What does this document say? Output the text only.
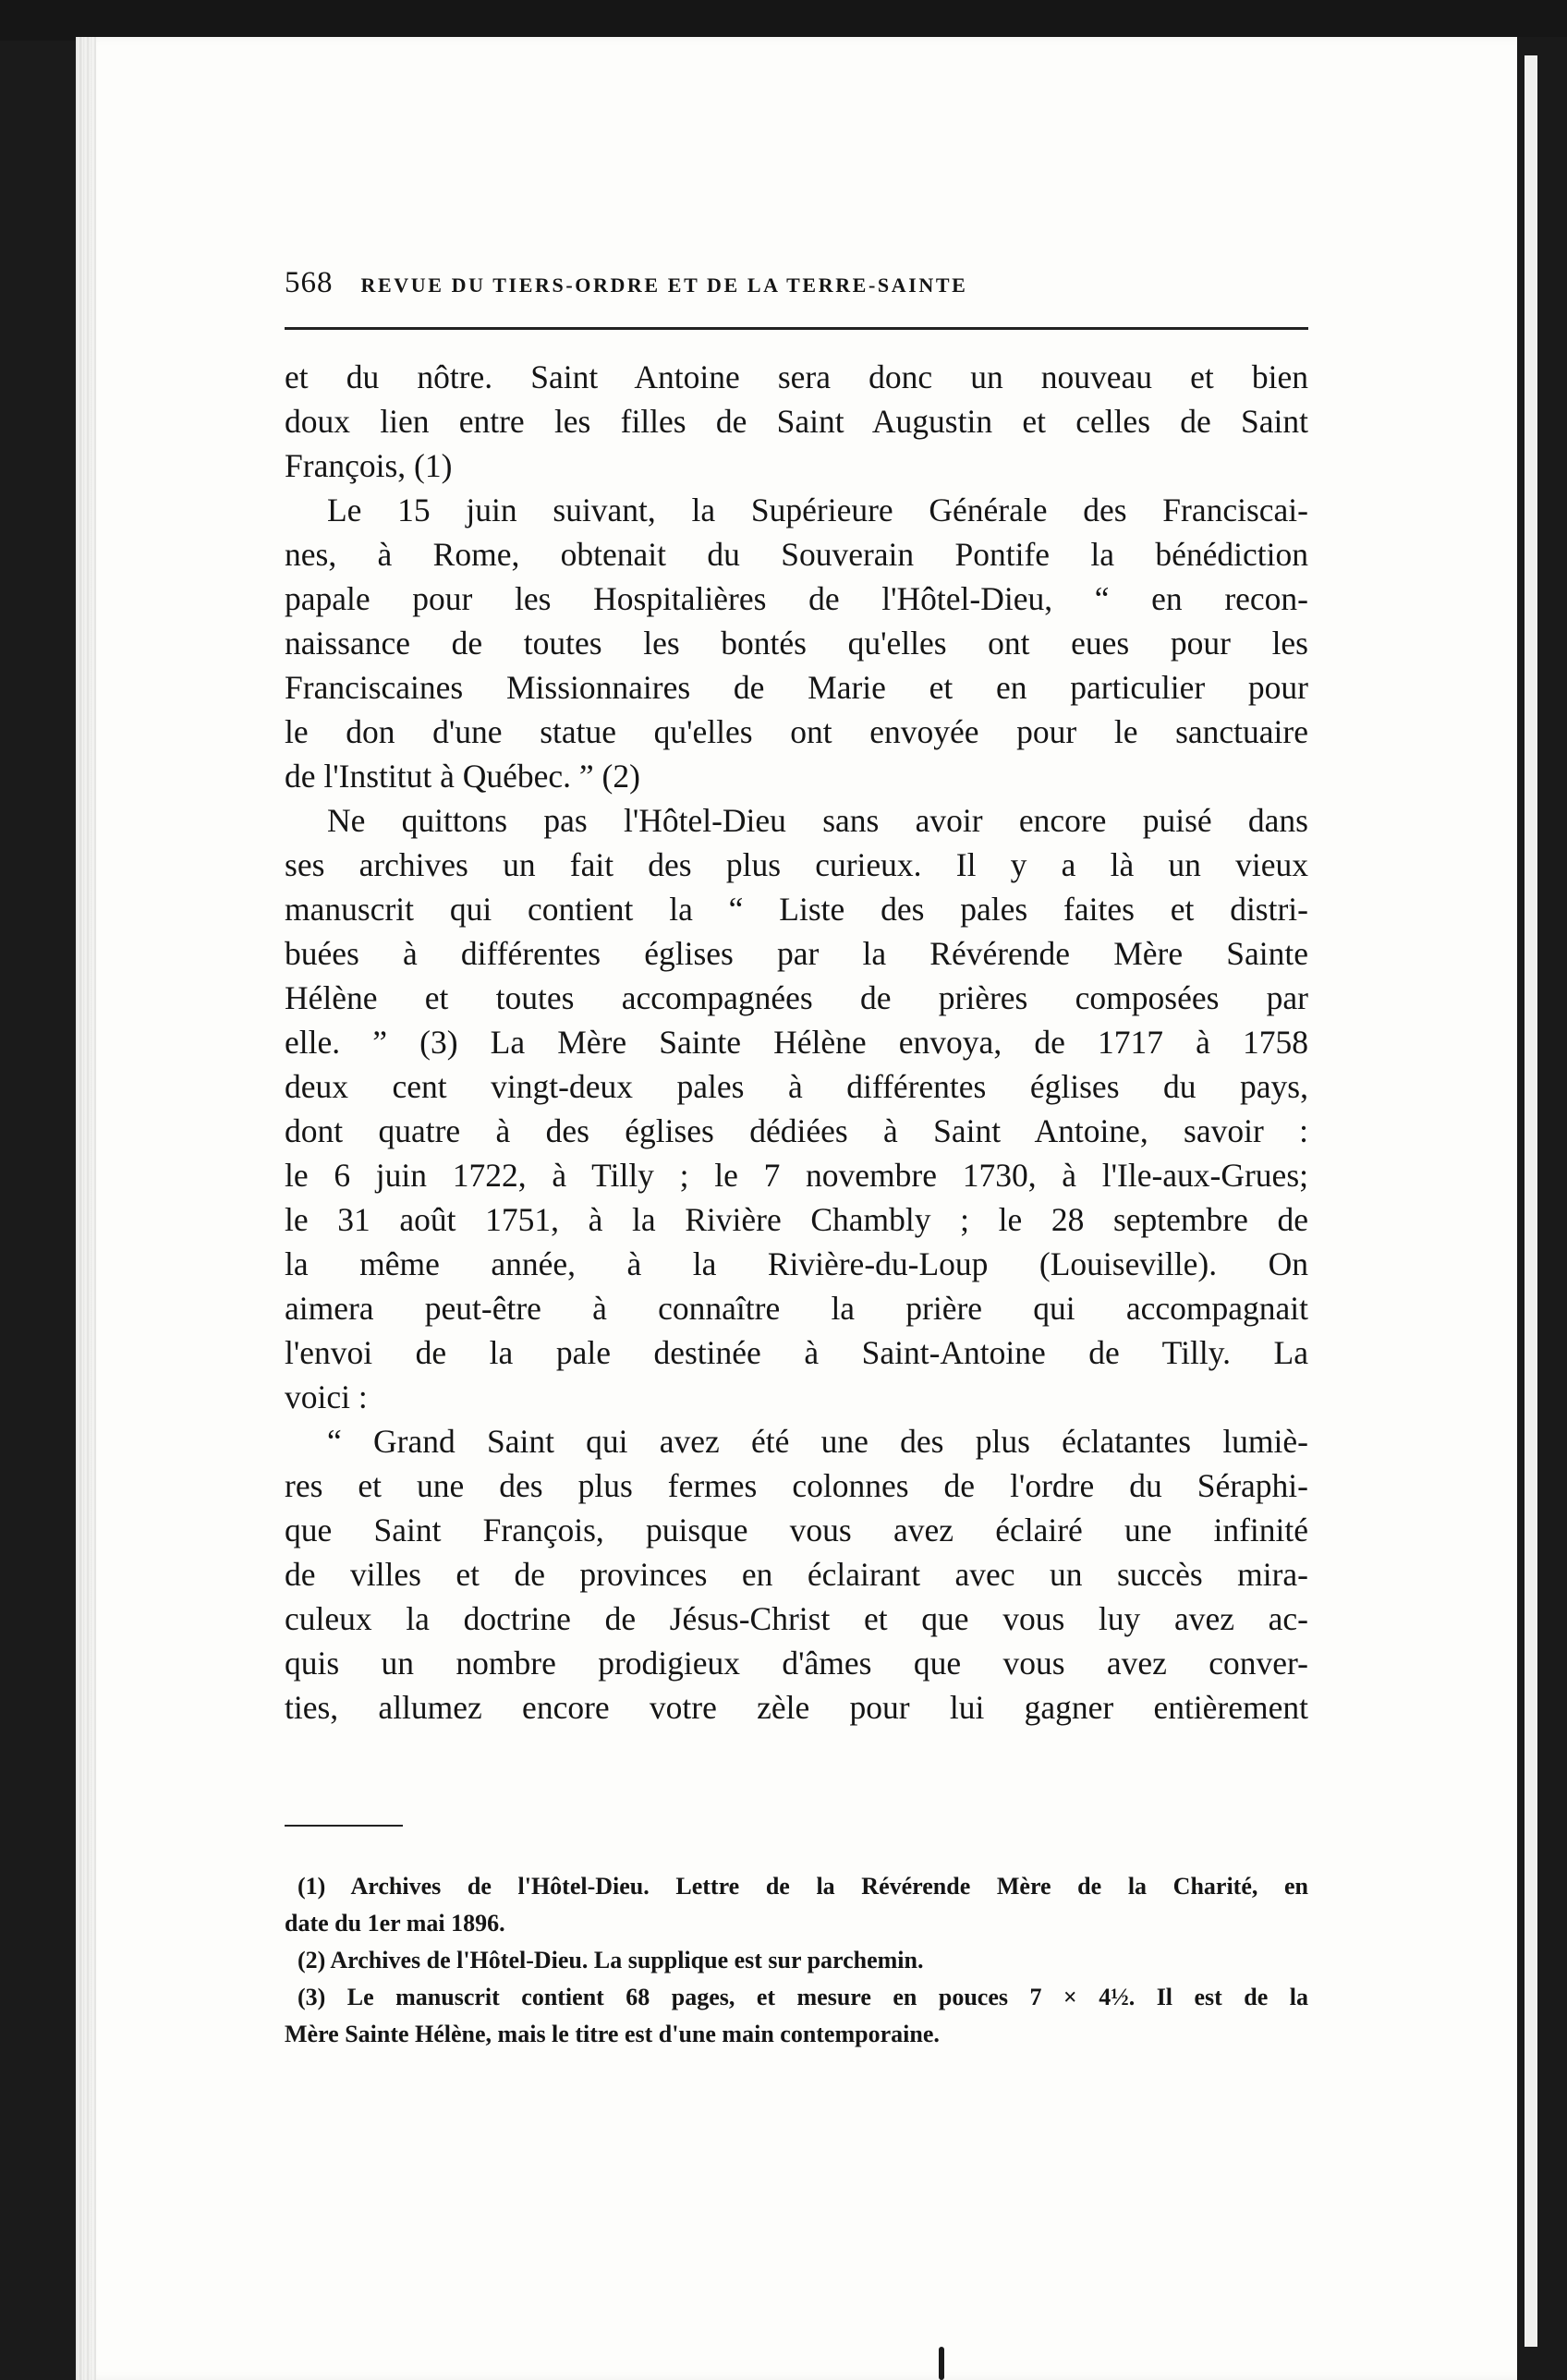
568 REVUE DU TIERS-ORDRE ET DE LA TERRE-SAINTE
et du nôtre. Saint Antoine sera donc un nouveau et bien
doux lien entre les filles de Saint Augustin et celles de Saint
François, (1)
Le 15 juin suivant, la Supérieure Générale des Franciscai-
nes, à Rome, obtenait du Souverain Pontife la bénédiction
papale pour les Hospitalières de l'Hôtel-Dieu, “ en recon-
naissance de toutes les bontés qu'elles ont eues pour les
Franciscaines Missionnaires de Marie et en particulier pour
le don d'une statue qu'elles ont envoyée pour le sanctuaire
de l'Institut à Québec. ” (2)
Ne quittons pas l'Hôtel-Dieu sans avoir encore puisé dans
ses archives un fait des plus curieux. Il y a là un vieux
manuscrit qui contient la “ Liste des pales faites et distri-
buées à différentes églises par la Révérende Mère Sainte
Hélène et toutes accompagnées de prières composées par
elle. ” (3) La Mère Sainte Hélène envoya, de 1717 à 1758
deux cent vingt-deux pales à différentes églises du pays,
dont quatre à des églises dédiées à Saint Antoine, savoir :
le 6 juin 1722, à Tilly ; le 7 novembre 1730, à l'Ile-aux-Grues;
le 31 août 1751, à la Rivière Chambly ; le 28 septembre de
la même année, à la Rivière-du-Loup (Louiseville). On
aimera peut-être à connaître la prière qui accompagnait
l'envoi de la pale destinée à Saint-Antoine de Tilly. La
voici :
“ Grand Saint qui avez été une des plus éclatantes lumiè-
res et une des plus fermes colonnes de l'ordre du Séraphi-
que Saint François, puisque vous avez éclairé une infinité
de villes et de provinces en éclairant avec un succès mira-
culeux la doctrine de Jésus-Christ et que vous luy avez ac-
quis un nombre prodigieux d'âmes que vous avez conver-
ties, allumez encore votre zèle pour lui gagner entièrement
(1) Archives de l'Hôtel-Dieu. Lettre de la Révérende Mère de la Charité, en
date du 1er mai 1896.
(2) Archives de l'Hôtel-Dieu. La supplique est sur parchemin.
(3) Le manuscrit contient 68 pages, et mesure en pouces 7 × 4½. Il est de la
Mère Sainte Hélène, mais le titre est d'une main contemporaine.
